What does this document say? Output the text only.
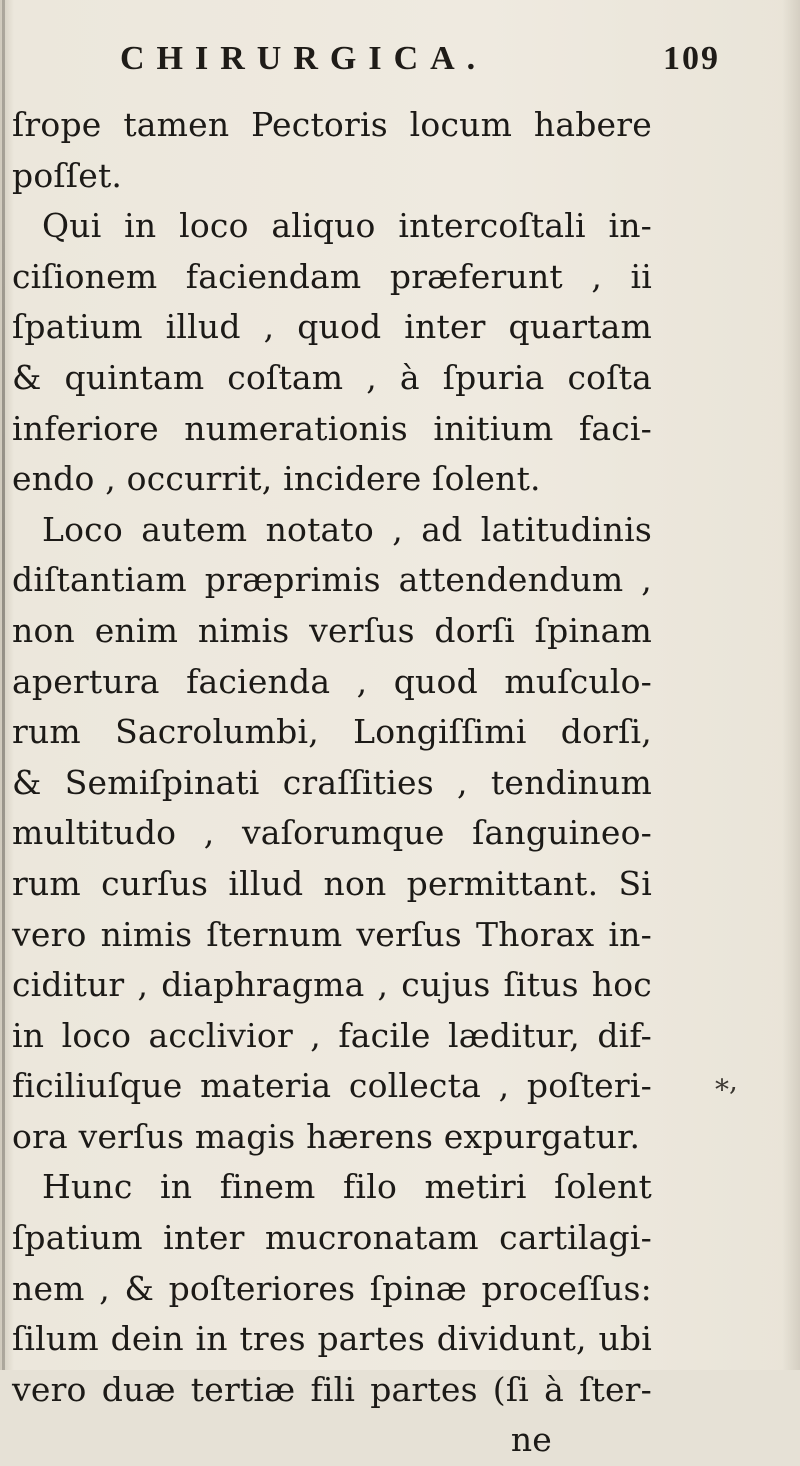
CHIRURGICA.	109
ſrope tamen Pectoris locum habere
poſſet.
Qui in loco aliquo intercoſtali in-
ciſionem faciendam præferunt , ii
ſpatium illud , quod inter quartam
& quintam coſtam , à ſpuria coſta
inferiore numerationis initium faci-
endo , occurrit, incidere ſolent.
Loco autem notato , ad latitudinis
diſtantiam præprimis attendendum ,
non enim nimis verſus dorſi ſpinam
apertura facienda , quod muſculo-
rum Sacrolumbi, Longiſſimi dorſi,
& Semiſpinati craſſities , tendinum
multitudo , vaſorumque ſanguineo-
rum curſus illud non permittant. Si
vero nimis ſternum verſus Thorax in-
ciditur , diaphragma , cujus ſitus hoc
in loco acclivior , facile læditur, dif-
ficiliuſque materia collecta , poſteri-
ora verſus magis hærens expurgatur.
Hunc in finem filo metiri ſolent
ſpatium inter mucronatam cartilagi-
nem , & poſteriores ſpinæ proceſſus:
ſilum dein in tres partes dividunt, ubi
vero duæ tertiæ fili partes (ſi à ſter-
ne
⁎,
